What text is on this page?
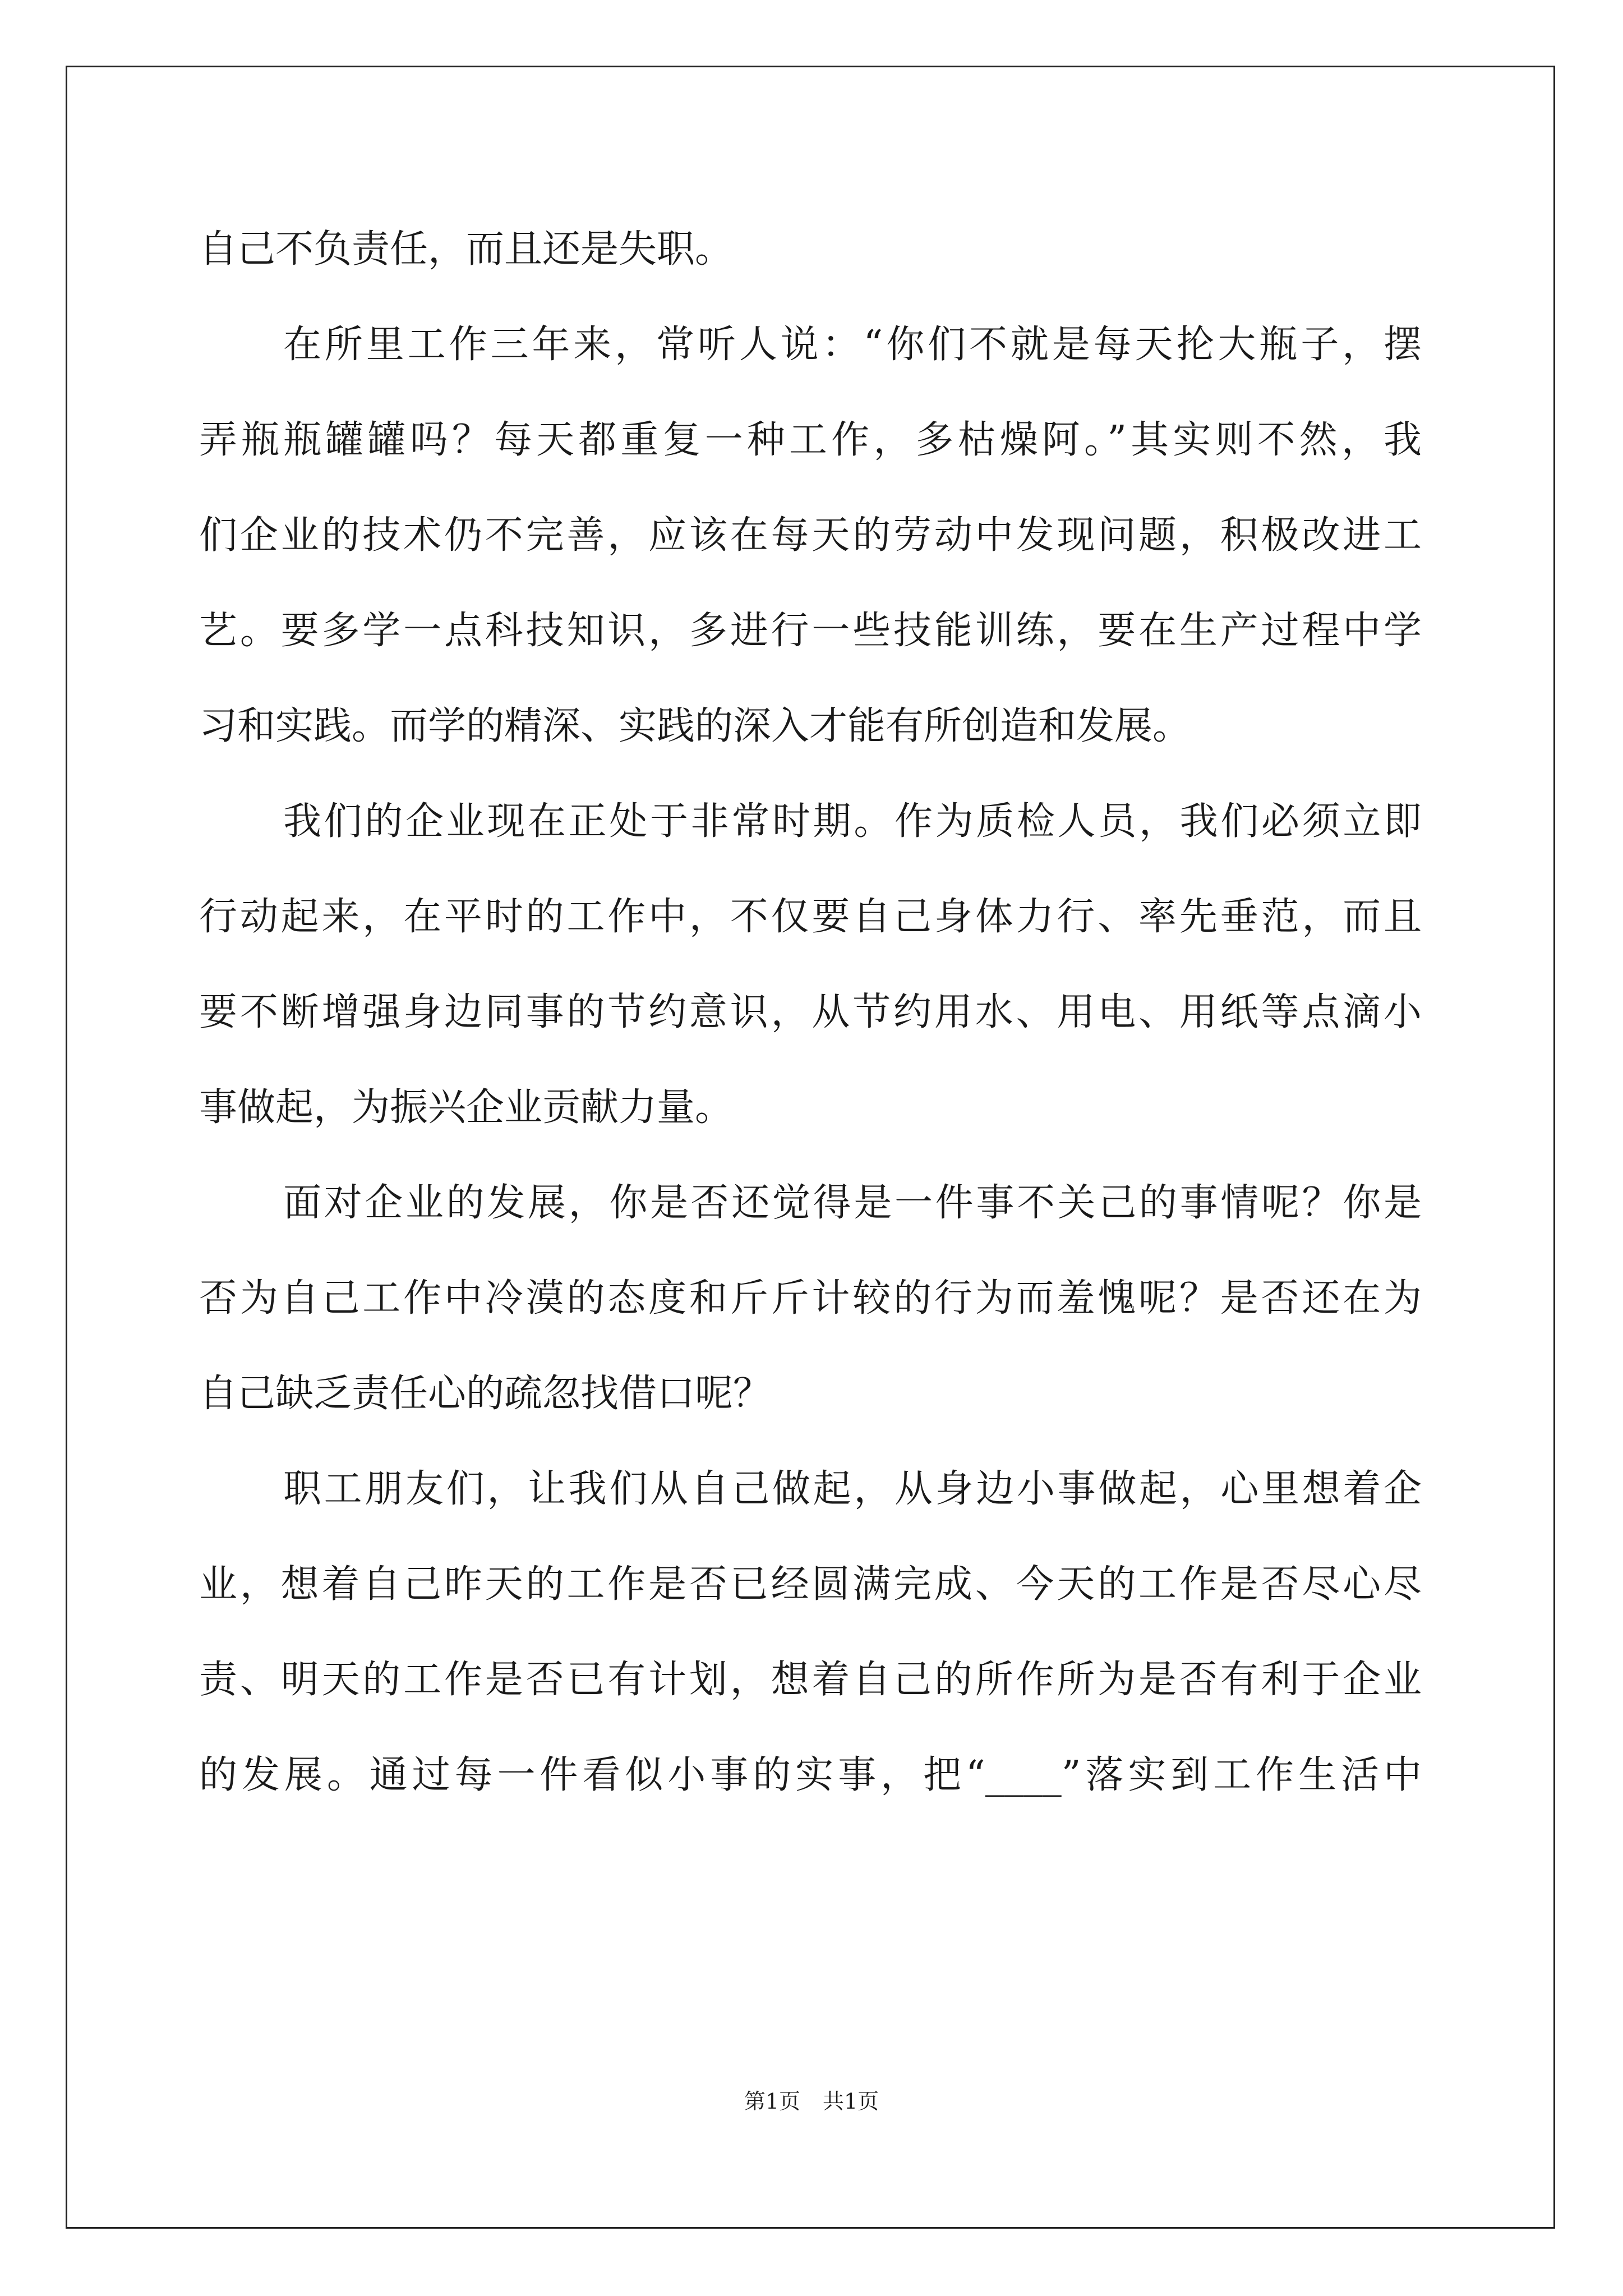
自己不负责任，而且还是失职。
在所里工作三年来，常听人说：“你们不就是每天抡大瓶子，摆
弄瓶瓶罐罐吗？每天都重复一种工作，多枯燥阿。”其实则不然，我
们企业的技术仍不完善，应该在每天的劳动中发现问题，积极改进工
艺。要多学一点科技知识，多进行一些技能训练，要在生产过程中学
习和实践。而学的精深、实践的深入才能有所创造和发展。
我们的企业现在正处于非常时期。作为质检人员，我们必须立即
行动起来，在平时的工作中，不仅要自己身体力行、率先垂范，而且
要不断增强身边同事的节约意识，从节约用水、用电、用纸等点滴小
事做起，为振兴企业贡献力量。
面对企业的发展，你是否还觉得是一件事不关己的事情呢？你是
否为自己工作中冷漠的态度和斤斤计较的行为而羞愧呢？是否还在为
自己缺乏责任心的疏忽找借口呢？
职工朋友们，让我们从自己做起，从身边小事做起，心里想着企
业，想着自己昨天的工作是否已经圆满完成、今天的工作是否尽心尽
责、明天的工作是否已有计划，想着自己的所作所为是否有利于企业
的发展。通过每一件看似小事的实事，把“____”落实到工作生活中
第1页 共1页
